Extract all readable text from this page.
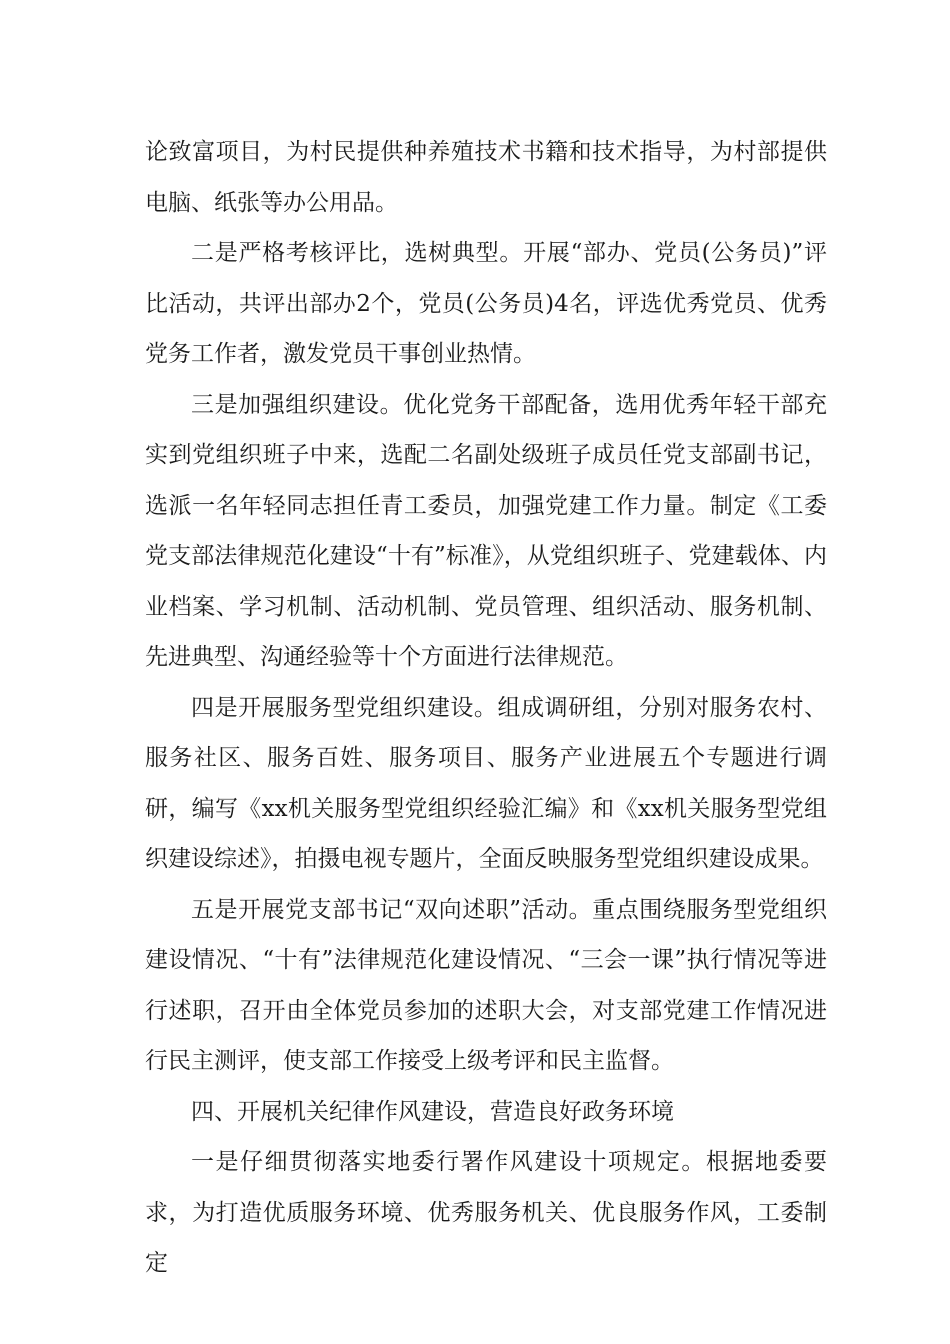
论致富项目，为村民提供种养殖技术书籍和技术指导，为村部提供电脑、纸张等办公用品。

二是严格考核评比，选树典型。开展“部办、党员(公务员)”评比活动，共评出部办2个，党员(公务员)4名，评选优秀党员、优秀党务工作者，激发党员干事创业热情。

三是加强组织建设。优化党务干部配备，选用优秀年轻干部充实到党组织班子中来，选配二名副处级班子成员任党支部副书记，选派一名年轻同志担任青工委员，加强党建工作力量。制定《工委党支部法律规范化建设“十有”标准》，从党组织班子、党建载体、内业档案、学习机制、活动机制、党员管理、组织活动、服务机制、先进典型、沟通经验等十个方面进行法律规范。

四是开展服务型党组织建设。组成调研组，分别对服务农村、服务社区、服务百姓、服务项目、服务产业进展五个专题进行调研，编写《xx机关服务型党组织经验汇编》和《xx机关服务型党组织建设综述》，拍摄电视专题片，全面反映服务型党组织建设成果。

五是开展党支部书记“双向述职”活动。重点围绕服务型党组织建设情况、“十有”法律规范化建设情况、“三会一课”执行情况等进行述职，召开由全体党员参加的述职大会，对支部党建工作情况进行民主测评，使支部工作接受上级考评和民主监督。

四、开展机关纪律作风建设，营造良好政务环境

一是仔细贯彻落实地委行署作风建设十项规定。根据地委要求，为打造优质服务环境、优秀服务机关、优良服务作风，工委制定
